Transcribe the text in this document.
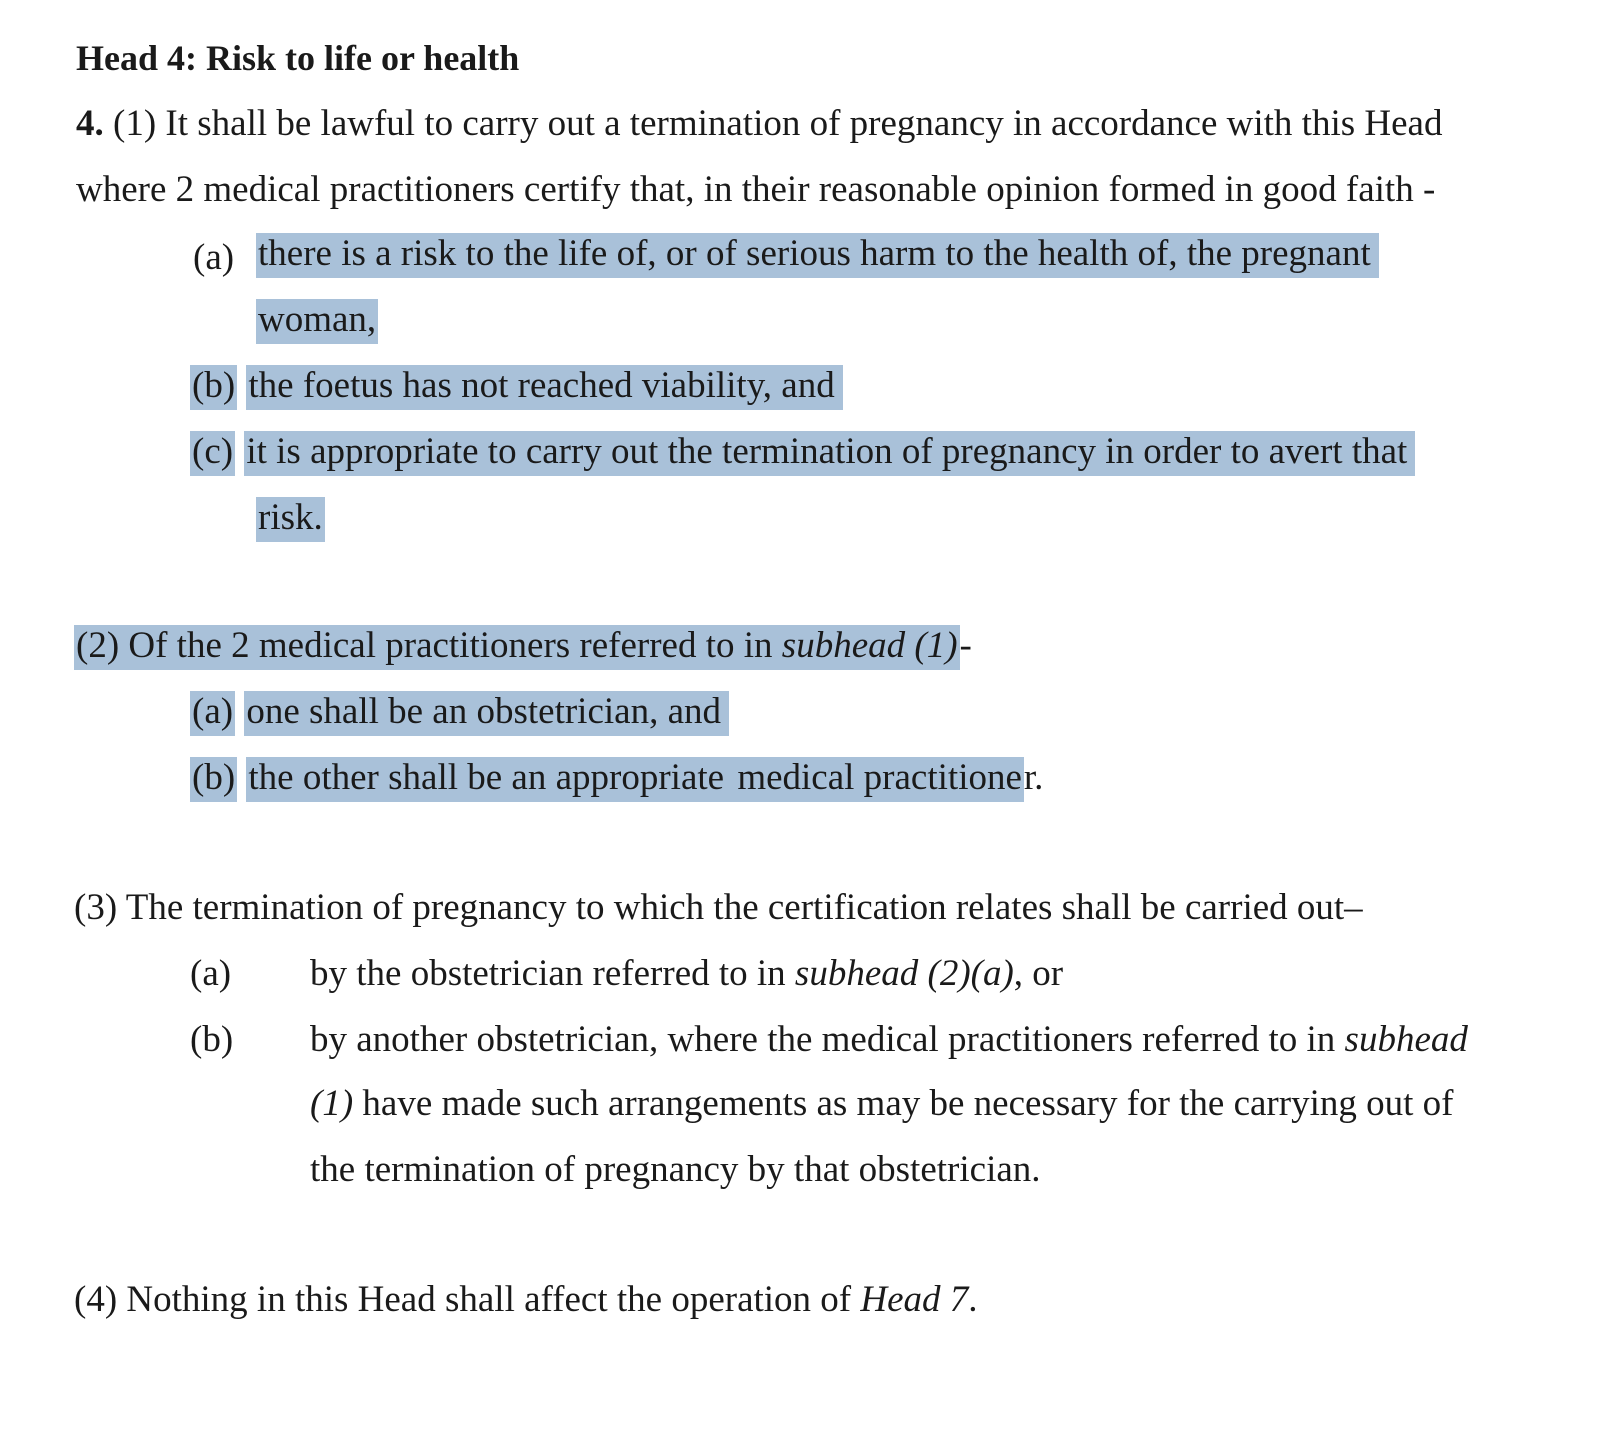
Head 4: Risk to life or health
4. (1) It shall be lawful to carry out a termination of pregnancy in accordance with this Head
where 2 medical practitioners certify that, in their reasonable opinion formed in good faith -
(a) there is a risk to the life of, or of serious harm to the health of, the pregnant
woman,
(b) the foetus has not reached viability, and
(c) it is appropriate to carry out the termination of pregnancy in order to avert that
risk.
(2) Of the 2 medical practitioners referred to in subhead (1)-
(a) one shall be an obstetrician, and
(b) the other shall be an appropriate medical practitioner.
(3) The termination of pregnancy to which the certification relates shall be carried out–
(a) by the obstetrician referred to in subhead (2)(a), or
(b) by another obstetrician, where the medical practitioners referred to in subhead
(1) have made such arrangements as may be necessary for the carrying out of
the termination of pregnancy by that obstetrician.
(4) Nothing in this Head shall affect the operation of Head 7.
